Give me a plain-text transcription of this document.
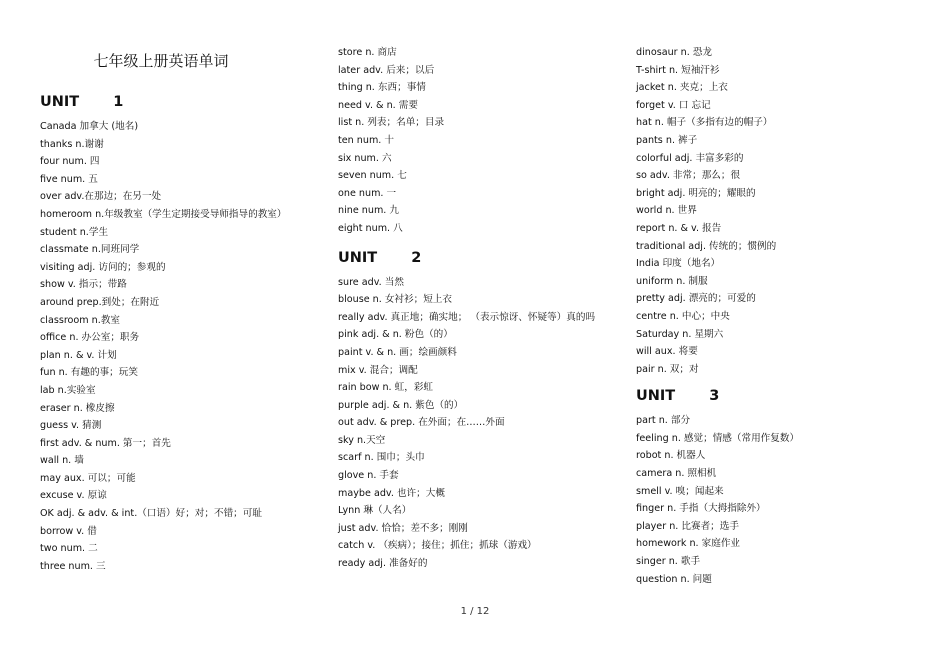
七年级上册英语单词
UNIT 1
Canada 加拿大 (地名)
thanks n.谢谢
four num. 四
five num. 五
over adv.在那边；在另一处
homeroom n.年级教室（学生定期接受导师指导的教室）
student n.学生
classmate n.同班同学
visiting adj. 访问的；参观的
show v. 指示；带路
around prep.到处；在附近
classroom n.教室
office n. 办公室；职务
plan n. & v. 计划
fun n. 有趣的事；玩笑
lab n.实验室
eraser n. 橡皮擦
guess v. 猜测
first adv. & num. 第一；首先
wall n. 墙
may aux. 可以；可能
excuse v. 原谅
OK adj. & adv. & int.（口语）好；对；不错；可耻
borrow v. 借
two num. 二
three num. 三
store n. 商店
later adv. 后来；以后
thing n. 东西；事情
need v. & n. 需要
list n. 列表；名单；目录
ten num. 十
six num. 六
seven num. 七
one num. 一
nine num. 九
eight num. 八
UNIT 2
sure adv. 当然
blouse n. 女衬衫；短上衣
really adv. 真正地；确实地； （表示惊讶、怀疑等）真的吗
pink adj. & n. 粉色（的）
paint v. & n. 画；绘画颜料
mix v. 混合；调配
rain bow n. 虹，彩虹
purple adj. & n. 紫色（的）
out adv. & prep. 在外面；在……外面
sky n.天空
scarf n. 围巾；头巾
glove n. 手套
maybe adv. 也许；大概
Lynn 琳（人名）
just adv. 恰恰；差不多；刚刚
catch v. （疾病）；接住；抓住；抓球（游戏）
ready adj. 准备好的
dinosaur n. 恐龙
T-shirt n. 短袖汗衫
jacket n. 夹克；上衣
forget v. 口 忘记
hat n. 帽子（多指有边的帽子）
pants n. 裤子
colorful adj. 丰富多彩的
so adv. 非常；那么；很
bright adj. 明亮的；耀眼的
world n. 世界
report n. & v. 报告
traditional adj. 传统的；惯例的
India 印度（地名）
uniform n. 制服
pretty adj. 漂亮的；可爱的
centre n. 中心；中央
Saturday n. 星期六
will aux. 将要
pair n. 双；对
UNIT 3
part n. 部分
feeling n. 感觉；情感（常用作复数）
robot n. 机器人
camera n. 照相机
smell v. 嗅；闻起来
finger n. 手指（大拇指除外）
player n. 比赛者；选手
homework n. 家庭作业
singer n. 歌手
question n. 问题
1 / 12
